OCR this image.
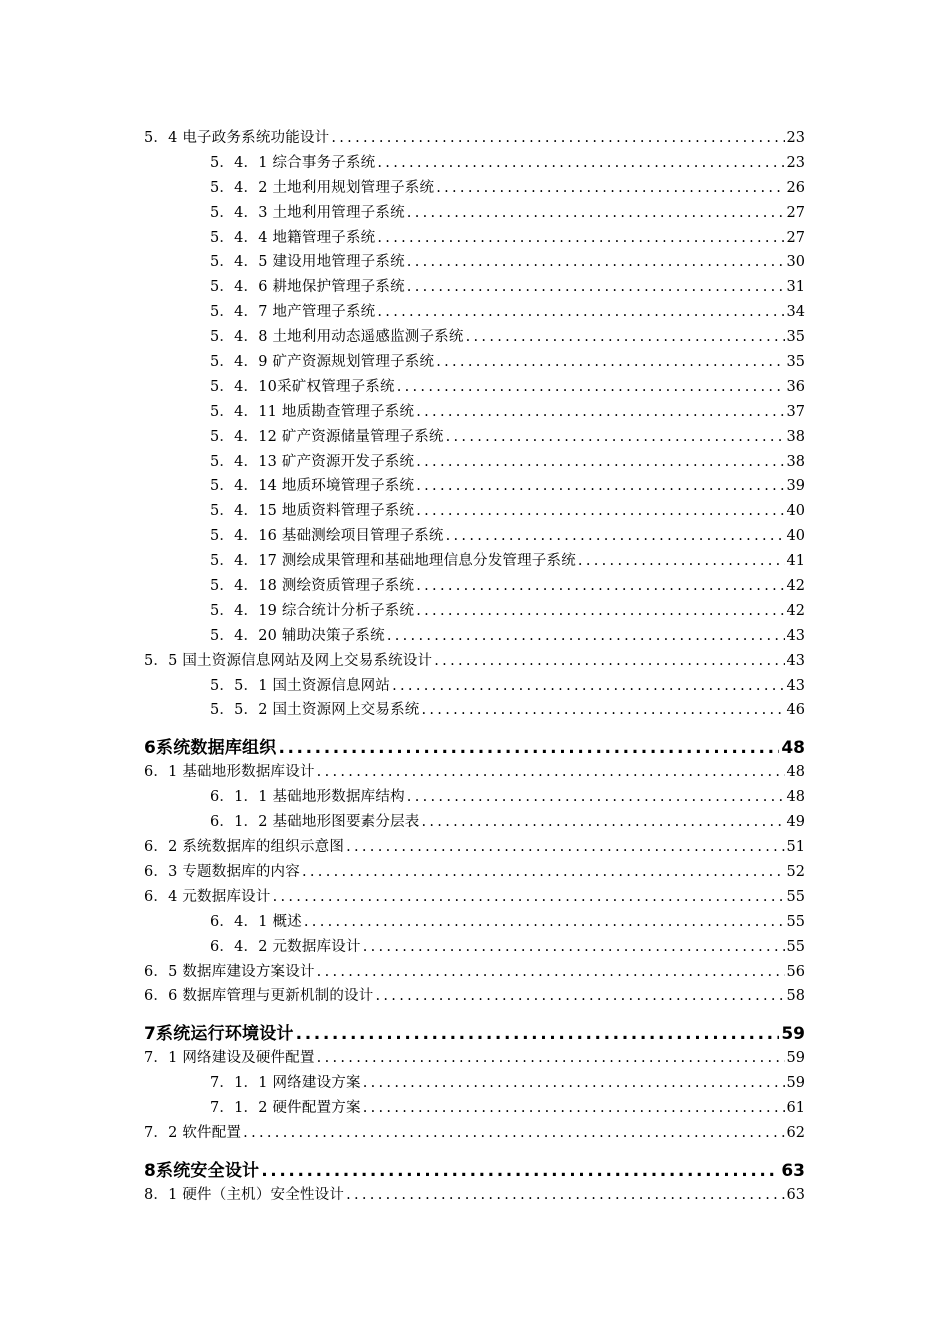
5．4 电子政务系统功能设计 .....	23
5．4．1 综合事务子系统 .....	23
5．4．2 土地利用规划管理子系统 .....	26
5．4．3 土地利用管理子系统 .....	27
5．4．4 地籍管理子系统 .....	27
5．4．5 建设用地管理子系统 .....	30
5．4．6 耕地保护管理子系统 .....	31
5．4．7 地产管理子系统 .....	34
5．4．8 土地利用动态遥感监测子系统 .....	35
5．4．9 矿产资源规划管理子系统 .....	35
5．4．10采矿权管理子系统 .....	36
5．4．11 地质勘查管理子系统 .....	37
5．4．12 矿产资源储量管理子系统 .....	38
5．4．13 矿产资源开发子系统 .....	38
5．4．14 地质环境管理子系统 .....	39
5．4．15 地质资料管理子系统 .....	40
5．4．16 基础测绘项目管理子系统 .....	40
5．4．17 测绘成果管理和基础地理信息分发管理子系统 .....	41
5．4．18 测绘资质管理子系统 .....	42
5．4．19 综合统计分析子系统 .....	42
5．4．20 辅助决策子系统 .....	43
5．5 国土资源信息网站及网上交易系统设计 .....	43
5．5．1 国土资源信息网站 .....	43
5．5．2 国土资源网上交易系统 .....	46
6系统数据库组织 .....	48
6．1 基础地形数据库设计 .....	48
6．1．1 基础地形数据库结构 .....	48
6．1．2 基础地形图要素分层表 .....	49
6．2 系统数据库的组织示意图 .....	51
6．3 专题数据库的内容 .....	52
6．4 元数据库设计 .....	55
6．4．1 概述 .....	55
6．4．2 元数据库设计 .....	55
6．5 数据库建设方案设计 .....	56
6．6 数据库管理与更新机制的设计 .....	58
7系统运行环境设计 .....	59
7．1 网络建设及硬件配置 .....	59
7．1．1 网络建设方案 .....	59
7．1．2 硬件配置方案 .....	61
7．2 软件配置 .....	62
8系统安全设计 .....	63
8．1 硬件（主机）安全性设计 .....	63
